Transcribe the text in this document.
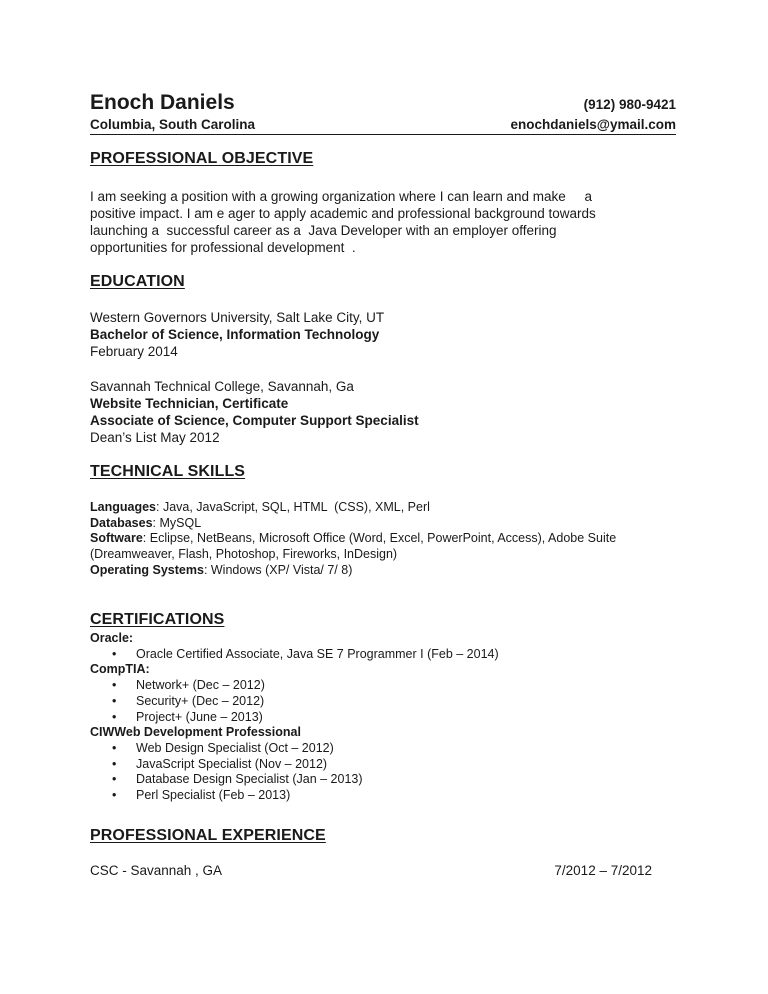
Enoch Daniels	(912) 980-9421
Columbia, South Carolina	enochdaniels@ymail.com
PROFESSIONAL OBJECTIVE
I am seeking a position with a growing organization where I can learn and make     a
positive impact. I am e ager to apply academic and professional background towards
launching a  successful career as a  Java Developer with an employer offering
opportunities for professional development  .
EDUCATION
Western Governors University, Salt Lake City, UT
Bachelor of Science, Information Technology
February 2014
Savannah Technical College, Savannah, Ga
Website Technician, Certificate
Associate of Science, Computer Support Specialist
Dean’s List May 2012
TECHNICAL SKILLS
Languages: Java, JavaScript, SQL, HTML  (CSS), XML, Perl
Databases: MySQL
Software: Eclipse, NetBeans, Microsoft Office (Word, Excel, PowerPoint, Access), Adobe Suite
(Dreamweaver, Flash, Photoshop, Fireworks, InDesign)
Operating Systems: Windows (XP/ Vista/ 7/ 8)
CERTIFICATIONS
Oracle:
• Oracle Certified Associate, Java SE 7 Programmer I (Feb – 2014)
CompTIA:
• Network+ (Dec – 2012)
• Security+ (Dec – 2012)
• Project+ (June – 2013)
CIWWeb Development Professional
• Web Design Specialist (Oct – 2012)
• JavaScript Specialist (Nov – 2012)
• Database Design Specialist (Jan – 2013)
• Perl Specialist (Feb – 2013)
PROFESSIONAL EXPERIENCE
CSC - Savannah , GA	7/2012 – 7/2012
